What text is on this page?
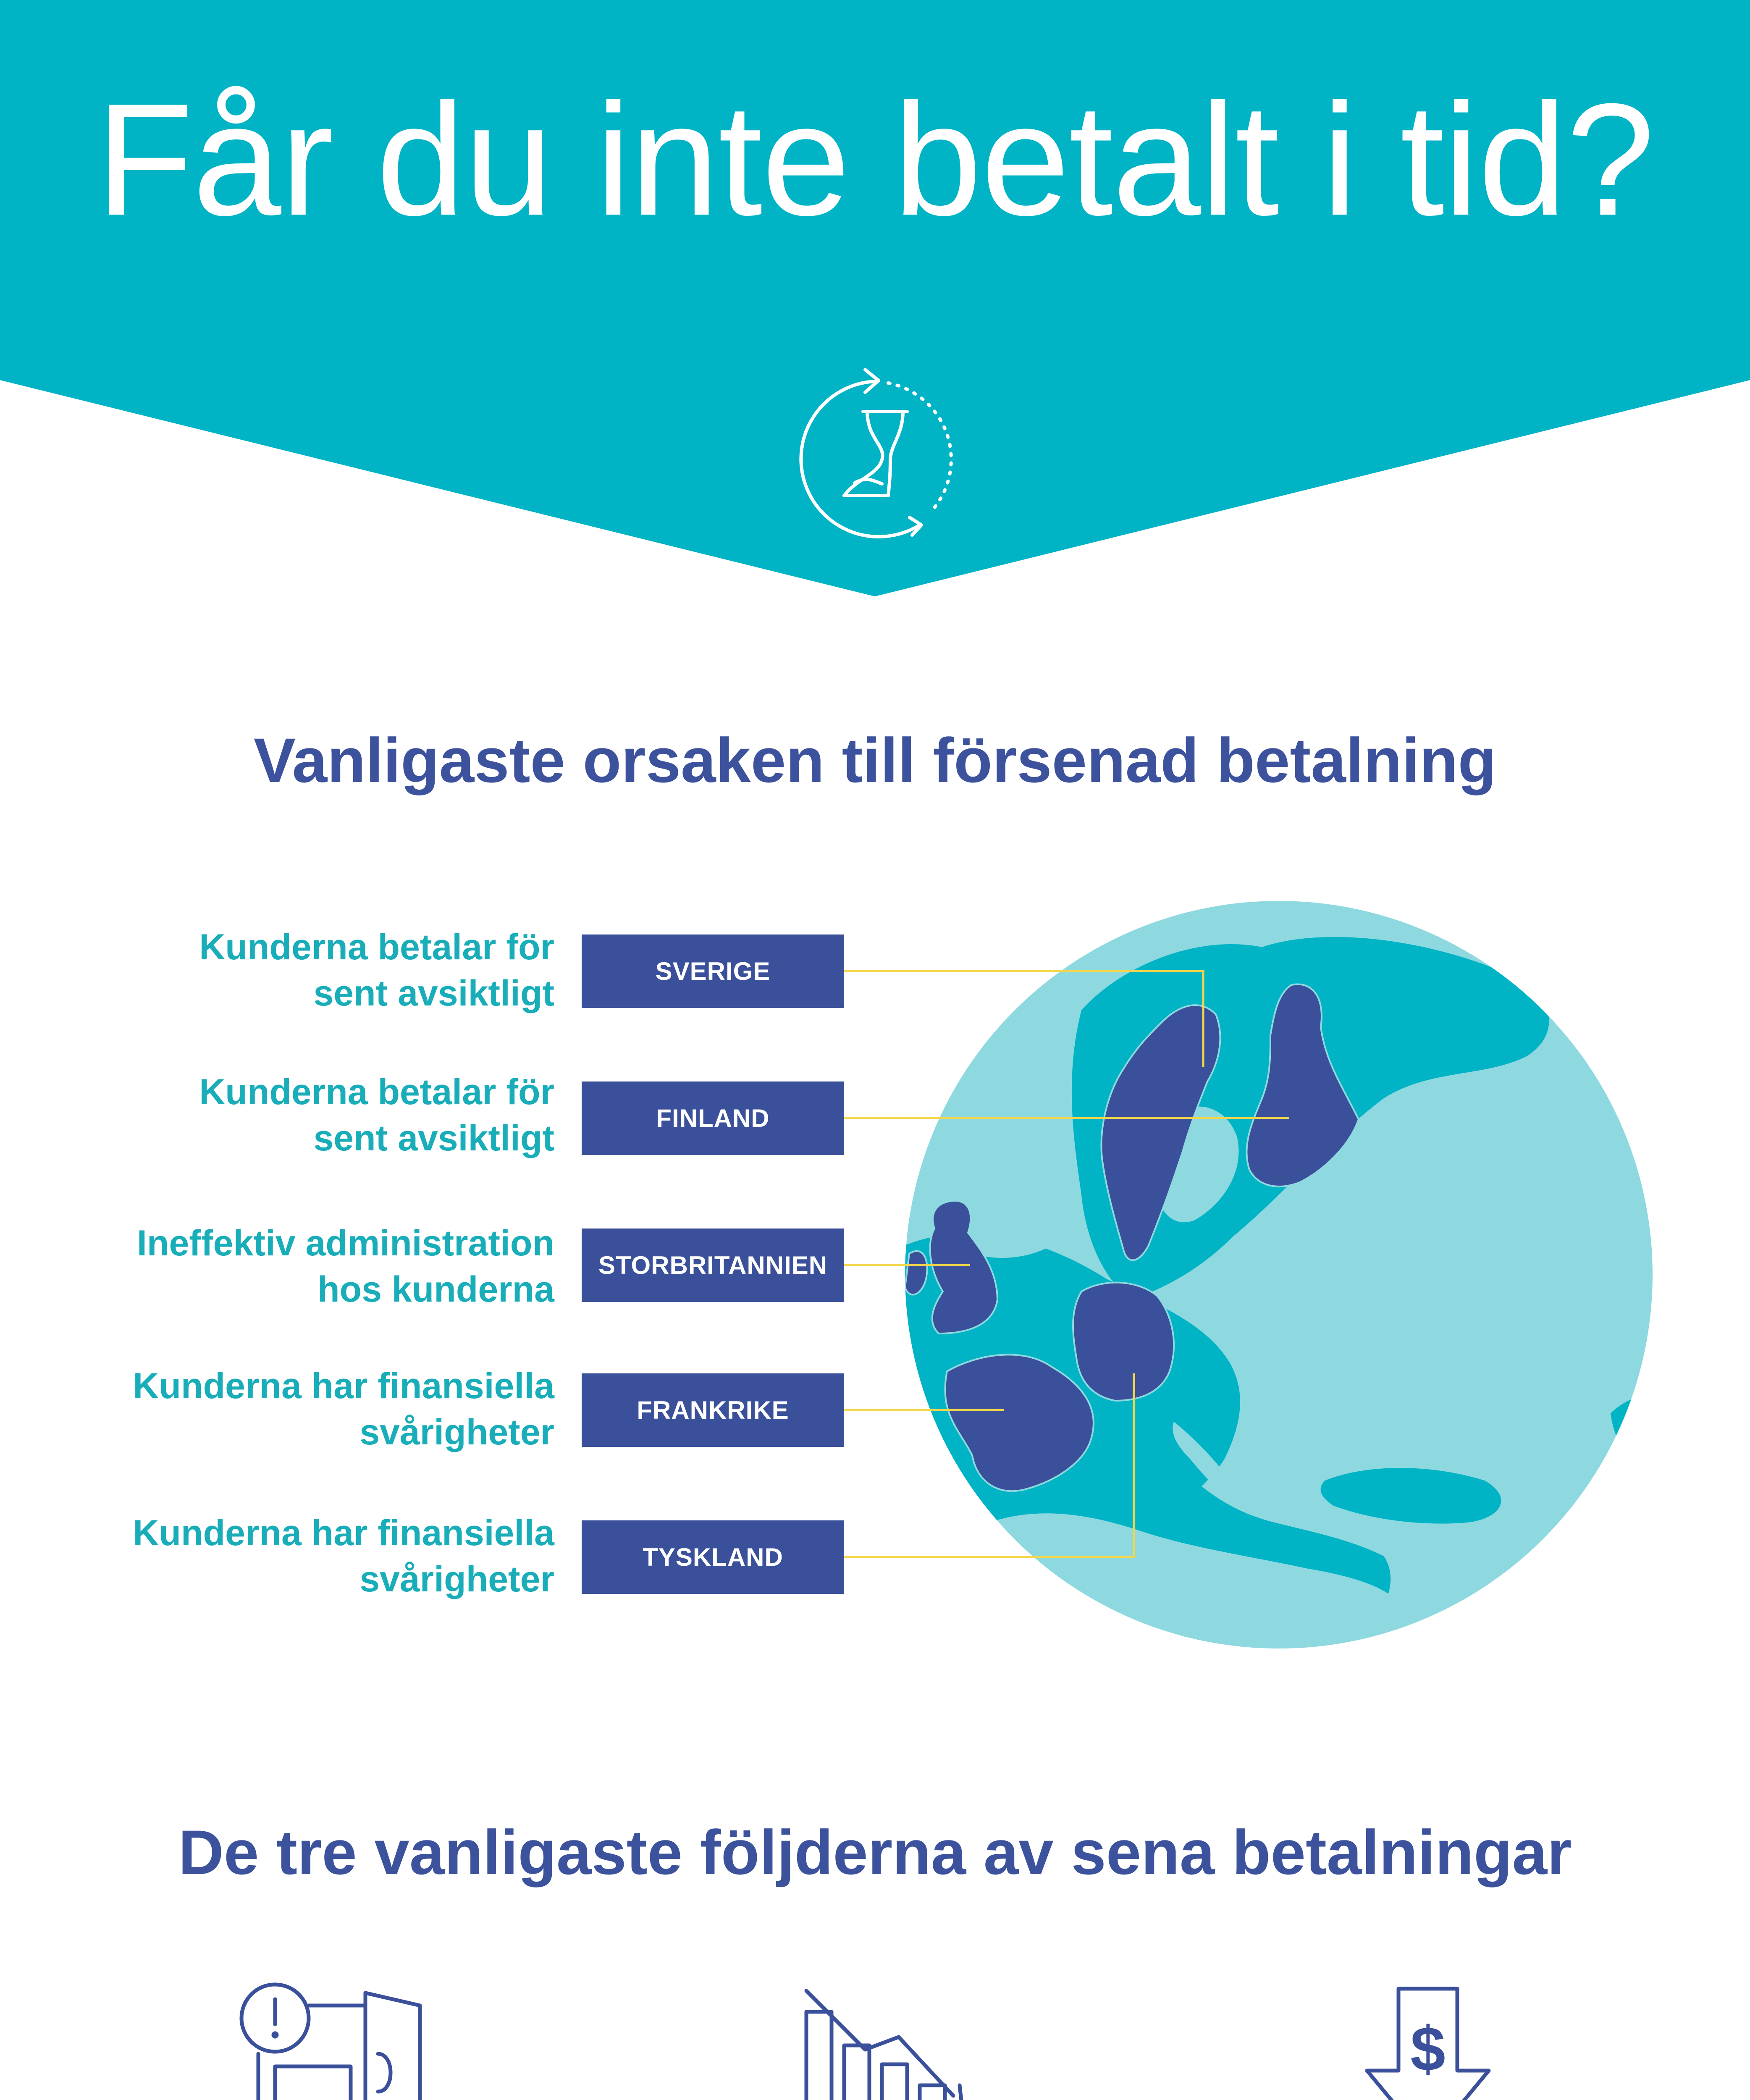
Får du inte betalt i tid?
Vanligaste orsaken till försenad betalning
Kunderna betalar för
sent avsiktligt
Kunderna betalar för
sent avsiktligt
Ineffektiv administration
hos kunderna
Kunderna har finansiella
svårigheter
Kunderna har finansiella
svårigheter
SVERIGE
FINLAND
STORBRITANNIEN
FRANKRIKE
TYSKLAND
De tre vanligaste följderna av sena betalningar
$
